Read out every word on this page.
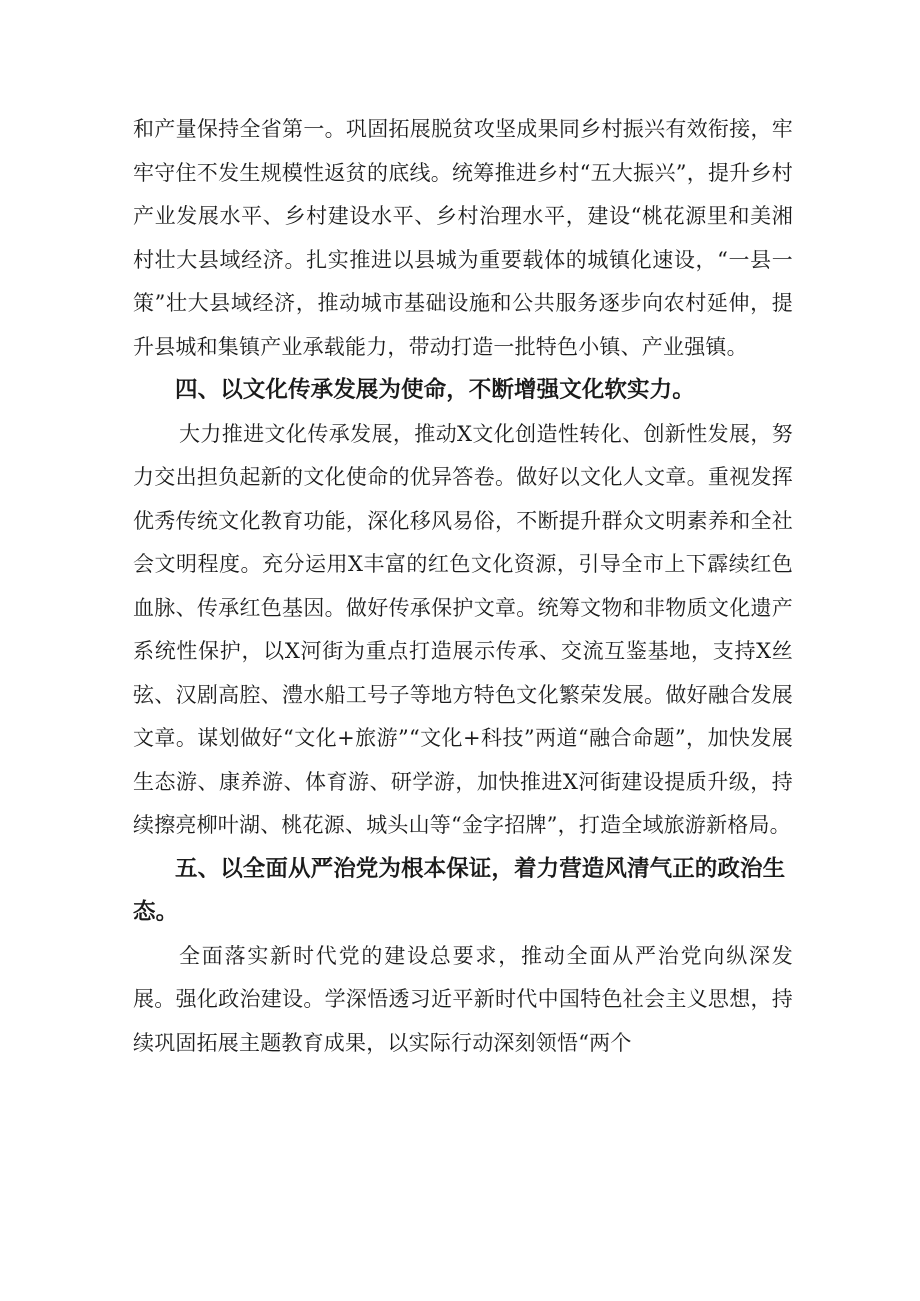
和产量保持全省第一。巩固拓展脱贫攻坚成果同乡村振兴有效衔接，牢牢守住不发生规模性返贫的底线。统筹推进乡村“五大振兴”，提升乡村产业发展水平、乡村建设水平、乡村治理水平，建设“桃花源里和美湘村壮大县域经济。扎实推进以县城为重要载体的城镇化速设，“一县一策”壮大县域经济，推动城市基础设施和公共服务逐步向农村延伸，提升县城和集镇产业承载能力，带动打造一批特色小镇、产业强镇。

四、以文化传承发展为使命，不断增强文化软实力。

大力推进文化传承发展，推动X文化创造性转化、创新性发展，努力交出担负起新的文化使命的优异答卷。做好以文化人文章。重视发挥优秀传统文化教育功能，深化移风易俗，不断提升群众文明素养和全社会文明程度。充分运用X丰富的红色文化资源，引导全市上下霹续红色血脉、传承红色基因。做好传承保护文章。统筹文物和非物质文化遗产系统性保护，以X河街为重点打造展示传承、交流互鉴基地，支持X丝弦、汉剧高腔、澧水船工号子等地方特色文化繁荣发展。做好融合发展文章。谋划做好“文化+旅游”“文化+科技”两道“融合命题”，加快发展生态游、康养游、体育游、研学游，加快推进X河街建设提质升级，持续擦亮柳叶湖、桃花源、城头山等“金字招牌”，打造全域旅游新格局。

五、以全面从严治党为根本保证，着力营造风清气正的政治生态。

全面落实新时代党的建设总要求，推动全面从严治党向纵深发展。强化政治建设。学深悟透习近平新时代中国特色社会主义思想，持续巩固拓展主题教育成果，以实际行动深刻领悟“两个
